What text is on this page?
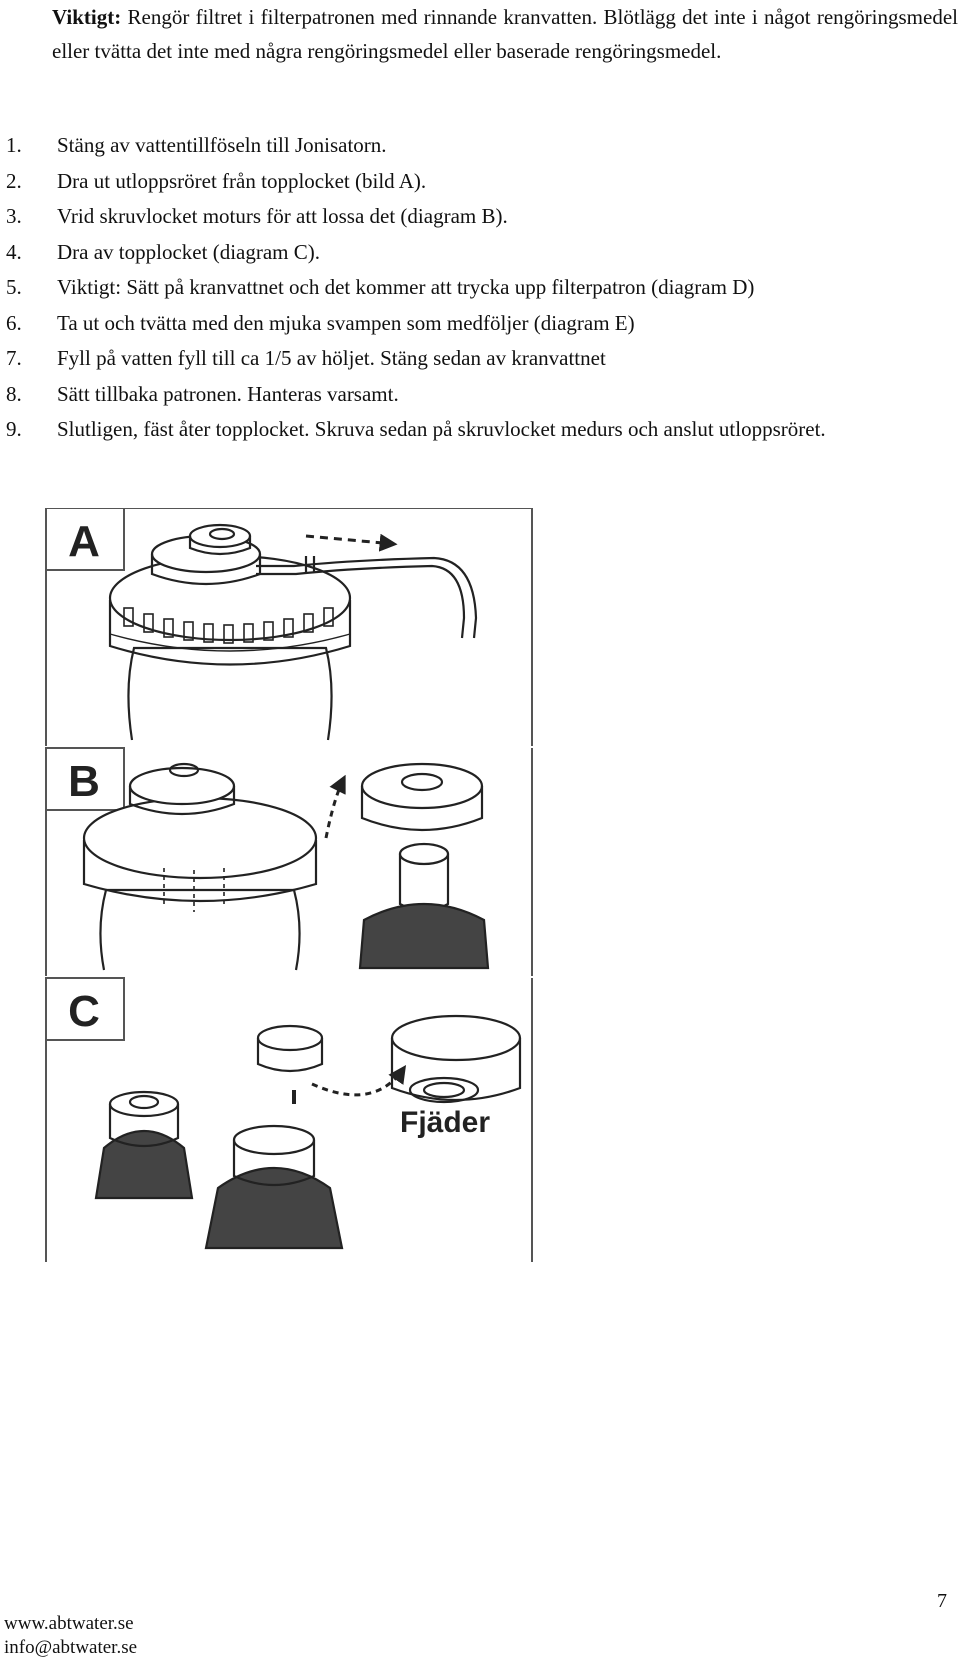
Viktigt: Rengör filtret i filterpatronen med rinnande kranvatten. Blötlägg det inte i något rengöringsmedel eller tvätta det inte med några rengöringsmedel eller baserade rengöringsmedel.
1.	Stäng av vattentillföseln till Jonisatorn.
2.	Dra ut utloppsröret från topplocket (bild A).
3.	Vrid skruvlocket moturs för att lossa det (diagram B).
4.	Dra av topplocket (diagram C).
5.	Viktigt: Sätt på kranvattnet och det kommer att trycka upp filterpatron (diagram D)
6.	Ta ut och tvätta med den mjuka svampen som medföljer (diagram E)
7.	Fyll på vatten fyll till ca 1/5 av höljet. Stäng sedan av kranvattnet
8.	Sätt tillbaka patronen. Hanteras varsamt.
9.	Slutligen, fäst åter topplocket. Skruva sedan på skruvlocket medurs och anslut utloppsröret.
A
B
C
Fjäder
www.abtwater.se
info@abtwater.se
7
